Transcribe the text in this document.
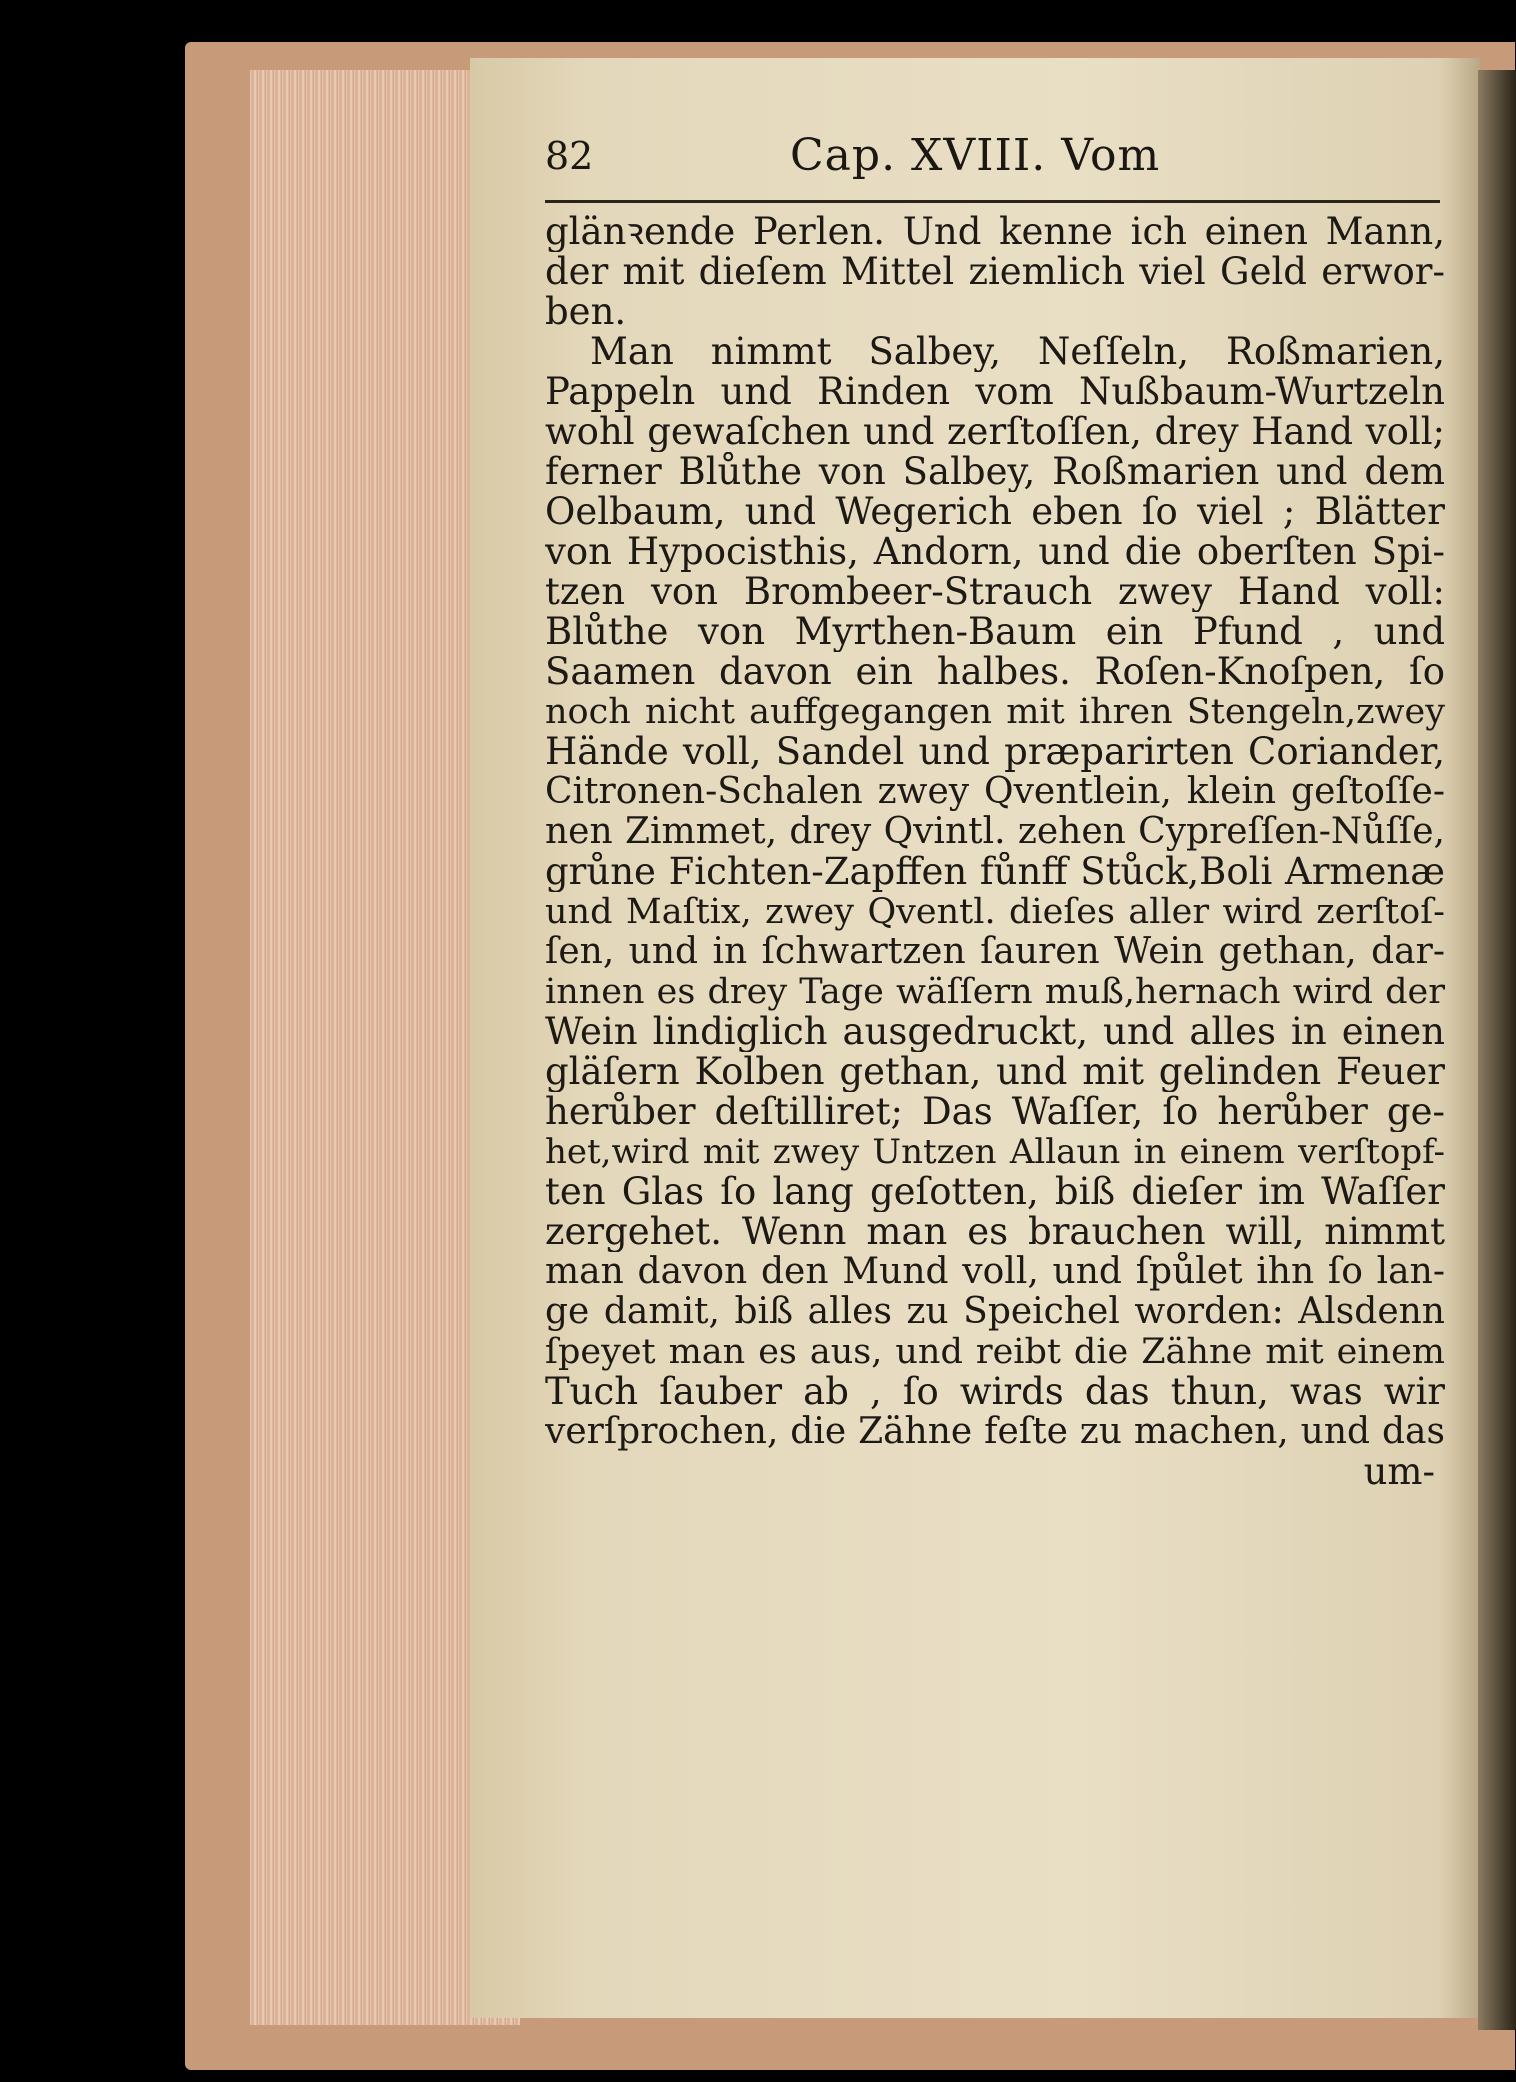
82	Cap. XVIII. Vom
glänꝛende Perlen. Und kenne ich einen Mann,
der mit dieſem Mittel ziemlich viel Geld erwor-
ben.
Man nimmt Salbey, Neſſeln, Roßmarien,
Pappeln und Rinden vom Nußbaum-Wurtzeln
wohl gewaſchen und zerſtoſſen, drey Hand voll;
ferner Blůthe von Salbey, Roßmarien und dem
Oelbaum, und Wegerich eben ſo viel ; Blätter
von Hypocisthis, Andorn, und die oberſten Spi-
tzen von Brombeer-Strauch zwey Hand voll:
Blůthe von Myrthen-Baum ein Pfund , und
Saamen davon ein halbes. Roſen-Knoſpen, ſo
noch nicht auffgegangen mit ihren Stengeln,zwey
Hände voll, Sandel und præparirten Coriander,
Citronen-Schalen zwey Qventlein, klein geſtoſſe-
nen Zimmet, drey Qvintl. zehen Cypreſſen-Nůſſe,
grůne Fichten-Zapffen fůnff Stůck,Boli Armenæ
und Maſtix, zwey Qventl. dieſes aller wird zerſtoſ-
ſen, und in ſchwartzen ſauren Wein gethan, dar-
innen es drey Tage wäſſern muß,hernach wird der
Wein lindiglich ausgedruckt, und alles in einen
gläſern Kolben gethan, und mit gelinden Feuer
herůber deſtilliret; Das Waſſer, ſo herůber ge-
het,wird mit zwey Untzen Allaun in einem verſtopf-
ten Glas ſo lang geſotten, biß dieſer im Waſſer
zergehet. Wenn man es brauchen will, nimmt
man davon den Mund voll, und ſpůlet ihn ſo lan-
ge damit, biß alles zu Speichel worden: Alsdenn
ſpeyet man es aus, und reibt die Zähne mit einem
Tuch ſauber ab , ſo wirds das thun, was wir
verſprochen, die Zähne feſte zu machen, und das
um-
